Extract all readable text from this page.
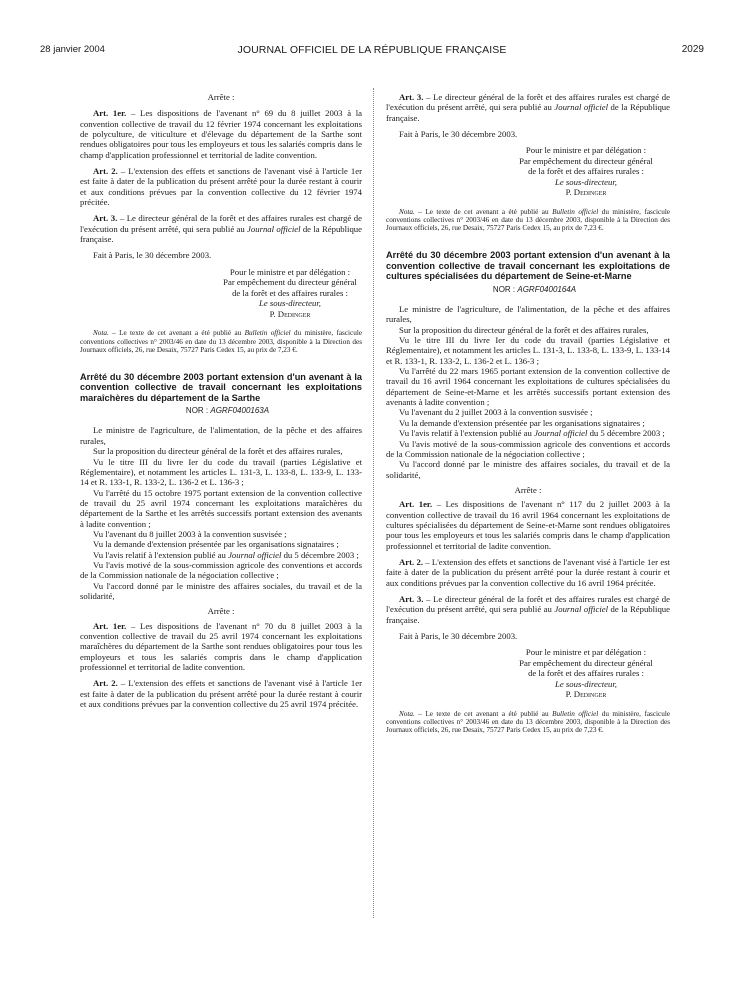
28 janvier 2004	JOURNAL OFFICIEL DE LA RÉPUBLIQUE FRANÇAISE	2029

Arrête :

Art. 1er. – Les dispositions de l'avenant n° 69 du 8 juillet 2003 à la convention collective de travail du 12 février 1974 concernant les exploitations de polyculture, de viticulture et d'élevage du département de la Sarthe sont rendues obligatoires pour tous les employeurs et tous les salariés compris dans le champ d'application professionnel et territorial de ladite convention.

Art. 2. – L'extension des effets et sanctions de l'avenant visé à l'article 1er est faite à dater de la publication du présent arrêté pour la durée restant à courir et aux conditions prévues par la convention collective du 12 février 1974 précitée.

Art. 3. – Le directeur général de la forêt et des affaires rurales est chargé de l'exécution du présent arrêté, qui sera publié au Journal officiel de la République française.

Fait à Paris, le 30 décembre 2003.

Pour le ministre et par délégation :
Par empêchement du directeur général
de la forêt et des affaires rurales :
Le sous-directeur,
P. Dedinger

Nota. – Le texte de cet avenant a été publié au Bulletin officiel du ministère, fascicule conventions collectives n° 2003/46 en date du 13 décembre 2003, disponible à la Direction des Journaux officiels, 26, rue Desaix, 75727 Paris Cedex 15, au prix de 7,23 €.

Arrêté du 30 décembre 2003 portant extension d'un avenant à la convention collective de travail concernant les exploitations maraîchères du département de la Sarthe

NOR : AGRF0400163A

Le ministre de l'agriculture, de l'alimentation, de la pêche et des affaires rurales,

Sur la proposition du directeur général de la forêt et des affaires rurales,

Vu le titre III du livre Ier du code du travail (parties Législative et Réglementaire), et notamment les articles L. 131-3, L. 133-8, L. 133-9, L. 133-14 et R. 133-1, R. 133-2, L. 136-2 et L. 136-3 ;

Vu l'arrêté du 15 octobre 1975 portant extension de la convention collective de travail du 25 avril 1974 concernant les exploitations maraîchères du département de la Sarthe et les arrêtés successifs portant extension des avenants à ladite convention ;

Vu l'avenant du 8 juillet 2003 à la convention susvisée ;

Vu la demande d'extension présentée par les organisations signataires ;

Vu l'avis relatif à l'extension publié au Journal officiel du 5 décembre 2003 ;

Vu l'avis motivé de la sous-commission agricole des conventions et accords de la Commission nationale de la négociation collective ;

Vu l'accord donné par le ministre des affaires sociales, du travail et de la solidarité,

Arrête :

Art. 1er. – Les dispositions de l'avenant n° 70 du 8 juillet 2003 à la convention collective de travail du 25 avril 1974 concernant les exploitations maraîchères du département de la Sarthe sont rendues obligatoires pour tous les employeurs et tous les salariés compris dans le champ d'application professionnel et territorial de ladite convention.

Art. 2. – L'extension des effets et sanctions de l'avenant visé à l'article 1er est faite à dater de la publication du présent arrêté pour la durée restant à courir et aux conditions prévues par la convention collective du 25 avril 1974 précitée.

Art. 3. – Le directeur général de la forêt et des affaires rurales est chargé de l'exécution du présent arrêté, qui sera publié au Journal officiel de la République française.

Fait à Paris, le 30 décembre 2003.

Pour le ministre et par délégation :
Par empêchement du directeur général
de la forêt et des affaires rurales :
Le sous-directeur,
P. Dedinger

Nota. – Le texte de cet avenant a été publié au Bulletin officiel du ministère, fascicule conventions collectives n° 2003/46 en date du 13 décembre 2003, disponible à la Direction des Journaux officiels, 26, rue Desaix, 75727 Paris Cedex 15, au prix de 7,23 €.

Arrêté du 30 décembre 2003 portant extension d'un avenant à la convention collective de travail concernant les exploitations de cultures spécialisées du département de Seine-et-Marne

NOR : AGRF0400164A

Le ministre de l'agriculture, de l'alimentation, de la pêche et des affaires rurales,

Sur la proposition du directeur général de la forêt et des affaires rurales,

Vu le titre III du livre Ier du code du travail (parties Législative et Réglementaire), et notamment les articles L. 131-3, L. 133-8, L. 133-9, L. 133-14 et R. 133-1, R. 133-2, L. 136-2 et L. 136-3 ;

Vu l'arrêté du 22 mars 1965 portant extension de la convention collective de travail du 16 avril 1964 concernant les exploitations de cultures spécialisées du département de Seine-et-Marne et les arrêtés successifs portant extension des avenants à ladite convention ;

Vu l'avenant du 2 juillet 2003 à la convention susvisée ;

Vu la demande d'extension présentée par les organisations signataires ;

Vu l'avis relatif à l'extension publié au Journal officiel du 5 décembre 2003 ;

Vu l'avis motivé de la sous-commission agricole des conventions et accords de la Commission nationale de la négociation collective ;

Vu l'accord donné par le ministre des affaires sociales, du travail et de la solidarité,

Arrête :

Art. 1er. – Les dispositions de l'avenant n° 117 du 2 juillet 2003 à la convention collective de travail du 16 avril 1964 concernant les exploitations de cultures spécialisées du département de Seine-et-Marne sont rendues obligatoires pour tous les employeurs et tous les salariés compris dans le champ d'application professionnel et territorial de ladite convention.

Art. 2. – L'extension des effets et sanctions de l'avenant visé à l'article 1er est faite à dater de la publication du présent arrêté pour la durée restant à courir et aux conditions prévues par la convention collective du 16 avril 1964 précitée.

Art. 3. – Le directeur général de la forêt et des affaires rurales est chargé de l'exécution du présent arrêté, qui sera publié au Journal officiel de la République française.

Fait à Paris, le 30 décembre 2003.

Pour le ministre et par délégation :
Par empêchement du directeur général
de la forêt et des affaires rurales :
Le sous-directeur,
P. Dedinger

Nota. – Le texte de cet avenant a été publié au Bulletin officiel du ministère, fascicule conventions collectives n° 2003/46 en date du 13 décembre 2003, disponible à la Direction des Journaux officiels, 26, rue Desaix, 75727 Paris Cedex 15, au prix de 7,23 €.
